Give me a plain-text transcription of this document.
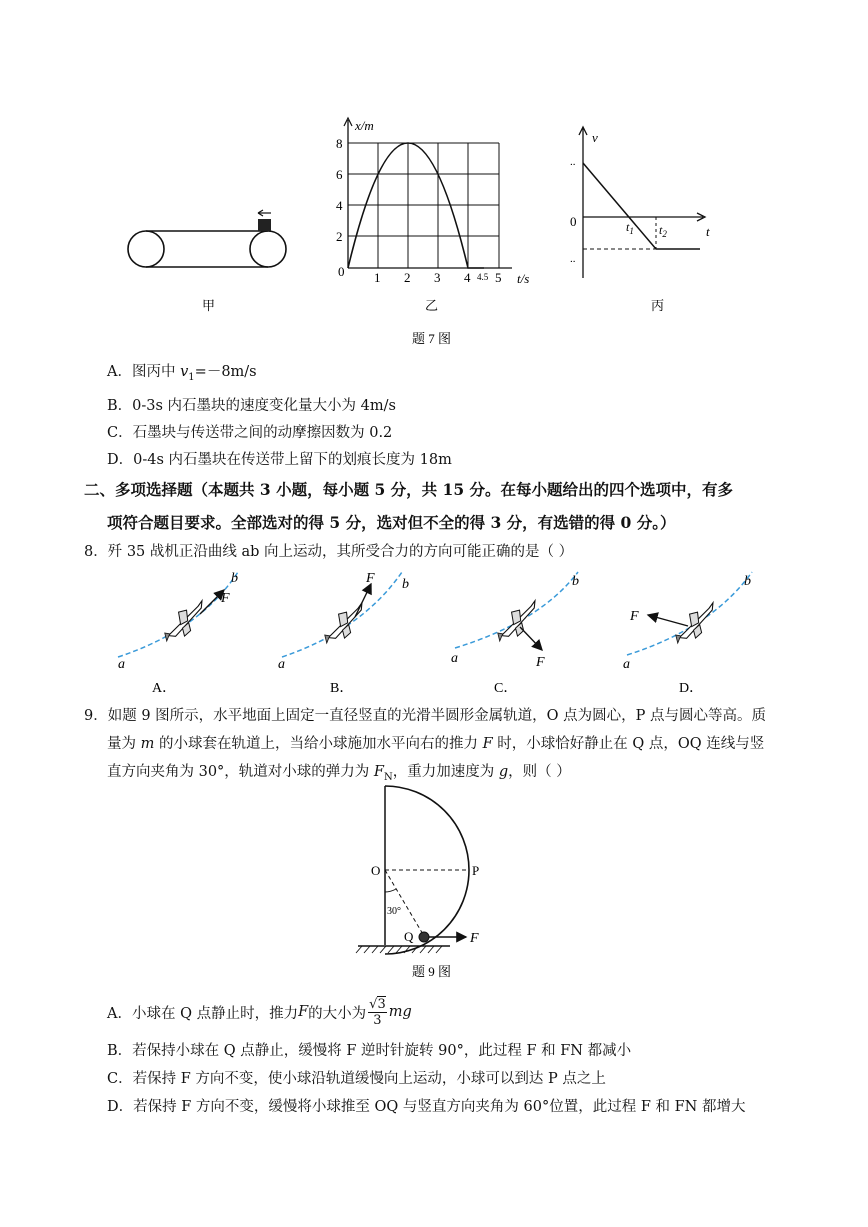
甲
x/m
t/s
8
6
4
2
0 1 2 3 4 4.5 5
乙
v
t
0	$t_1$ $t_2$
..
..
丙
题 7 图
A．图丙中 $v_1=-8m/s$
B．0-3s 内石墨块的速度变化量大小为 4m/s
C．石墨块与传送带之间的动摩擦因数为 0.2
D．0-4s 内石墨块在传送带上留下的划痕长度为 18m
二、多项选择题（本题共 3 小题，每小题 5 分，共 15 分。在每小题给出的四个选项中，有多
项符合题目要求。全部选对的得 5 分，选对但不全的得 3 分，有选错的得 0 分。）
8．歼 35 战机正沿曲线 ab 向上运动，其所受合力的方向可能正确的是（ ）
a
b
F
A．
a
b
F
B．
a
b
F
C．
a
b
F
D．
9．如题 9 图所示，水平地面上固定一直径竖直的光滑半圆形金属轨道，O 点为圆心，P 点与圆心等高。质
量为 m 的小球套在轨道上，当给小球施加水平向右的推力 F 时，小球恰好静止在 Q 点，OQ 连线与竖
直方向夹角为 30°，轨道对小球的弹力为 $F_N$，重力加速度为 g，则（ ）
O	P
Q
30°
F
题 9 图
A． 小球在 Q 点静止时，推力 F 的大小为
√3
3 mg
B．若保持小球在 Q 点静止，缓慢将 F 逆时针旋转 90°，此过程 F 和 FN 都减小
C．若保持 F 方向不变，使小球沿轨道缓慢向上运动，小球可以到达 P 点之上
D．若保持 F 方向不变，缓慢将小球推至 OQ 与竖直方向夹角为 60°位置，此过程 F 和 FN 都增大
